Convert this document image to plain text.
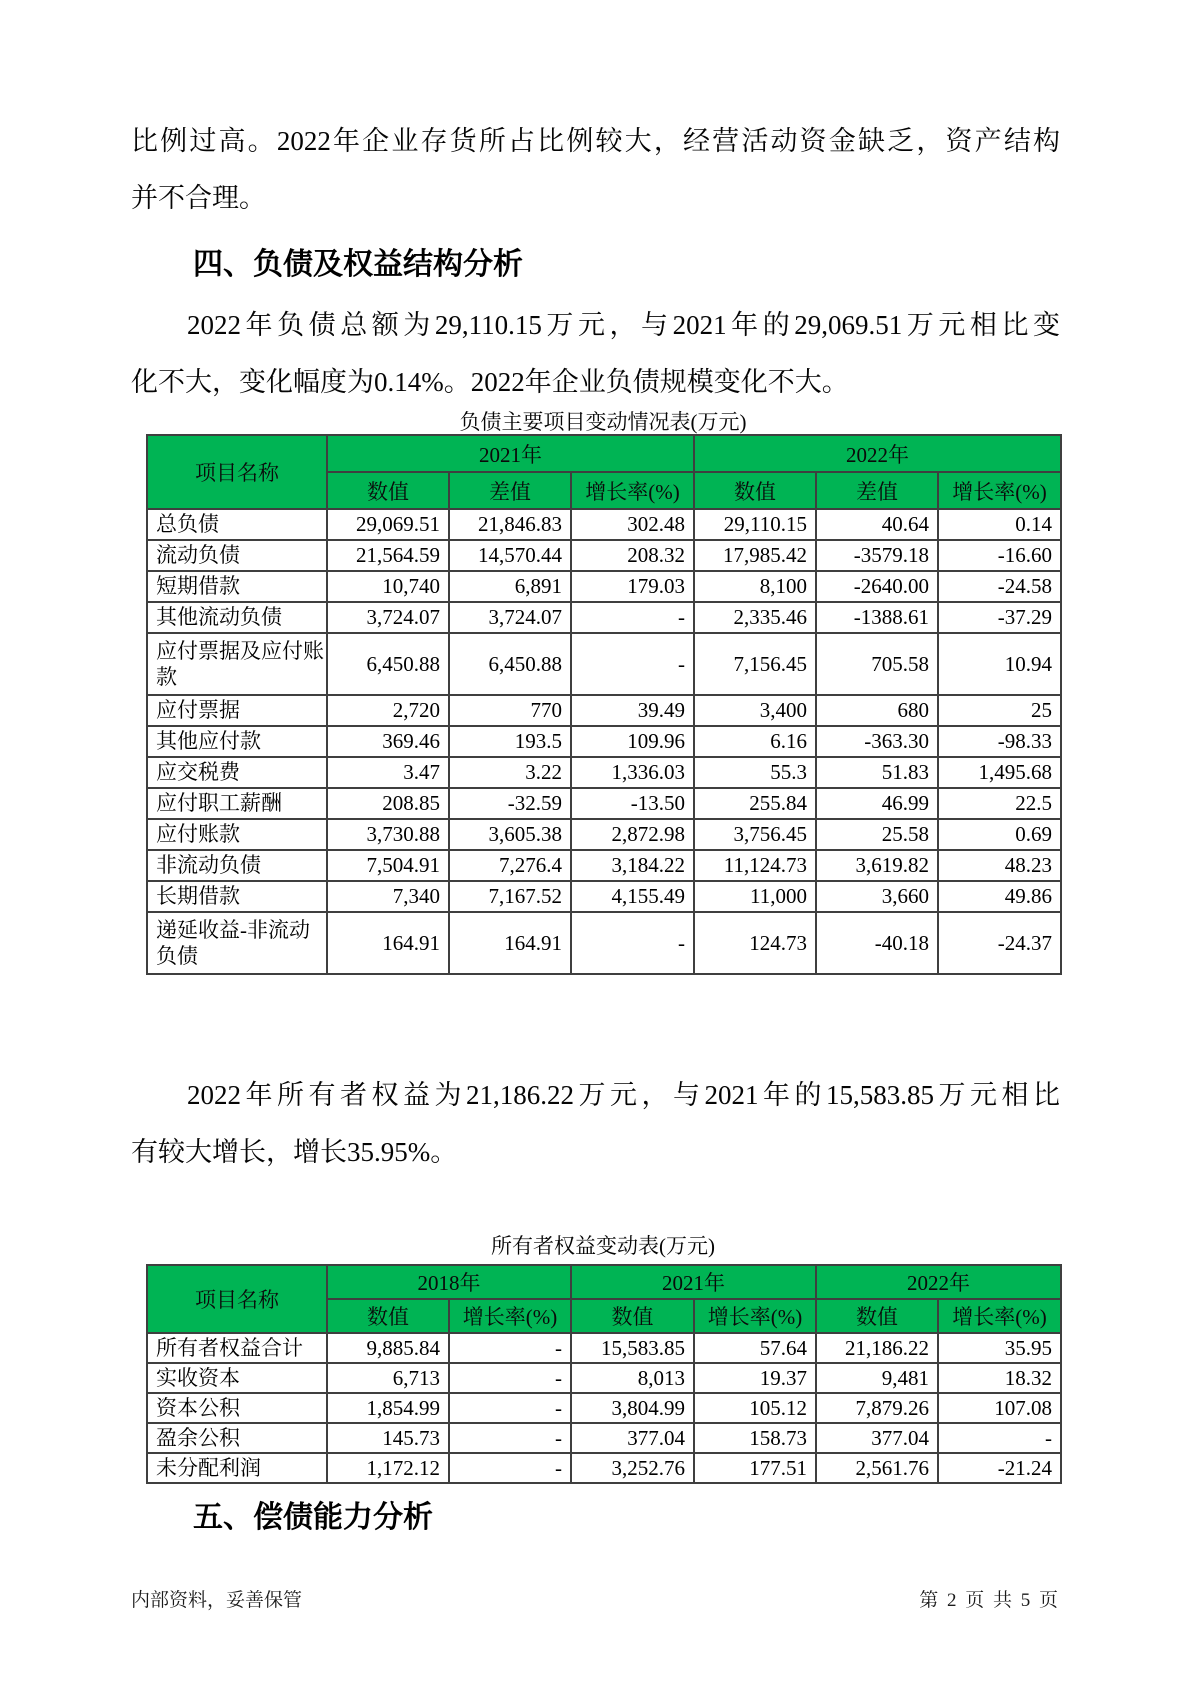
比例过高。2022年企业存货所占比例较大，经营活动资金缺乏，资产结构
并不合理。
四、负债及权益结构分析
2022年负债总额为29,110.15万元，与2021年的29,069.51万元相比变
化不大，变化幅度为0.14%。2022年企业负债规模变化不大。
负债主要项目变动情况表(万元)
项目名称	2021年			2022年		
	数值	差值	增长率(%)	数值	差值	增长率(%)
总负债	29,069.51	21,846.83	302.48	29,110.15	40.64	0.14
流动负债	21,564.59	14,570.44	208.32	17,985.42	-3579.18	-16.60
短期借款	10,740	6,891	179.03	8,100	-2640.00	-24.58
其他流动负债	3,724.07	3,724.07	-	2,335.46	-1388.61	-37.29
应付票据及应付账款	6,450.88	6,450.88	-	7,156.45	705.58	10.94
应付票据	2,720	770	39.49	3,400	680	25
其他应付款	369.46	193.5	109.96	6.16	-363.30	-98.33
应交税费	3.47	3.22	1,336.03	55.3	51.83	1,495.68
应付职工薪酬	208.85	-32.59	-13.50	255.84	46.99	22.5
应付账款	3,730.88	3,605.38	2,872.98	3,756.45	25.58	0.69
非流动负债	7,504.91	7,276.4	3,184.22	11,124.73	3,619.82	48.23
长期借款	7,340	7,167.52	4,155.49	11,000	3,660	49.86
递延收益-非流动负债	164.91	164.91	-	124.73	-40.18	-24.37
2022年所有者权益为21,186.22万元，与2021年的15,583.85万元相比
有较大增长，增长35.95%。
所有者权益变动表(万元)
项目名称	2018年		2021年		2022年	
	数值	增长率(%)	数值	增长率(%)	数值	增长率(%)
所有者权益合计	9,885.84	-	15,583.85	57.64	21,186.22	35.95
实收资本	6,713	-	8,013	19.37	9,481	18.32
资本公积	1,854.99	-	3,804.99	105.12	7,879.26	107.08
盈余公积	145.73	-	377.04	158.73	377.04	-
未分配利润	1,172.12	-	3,252.76	177.51	2,561.76	-21.24
五、偿债能力分析
内部资料，妥善保管	第 2 页 共 5 页
